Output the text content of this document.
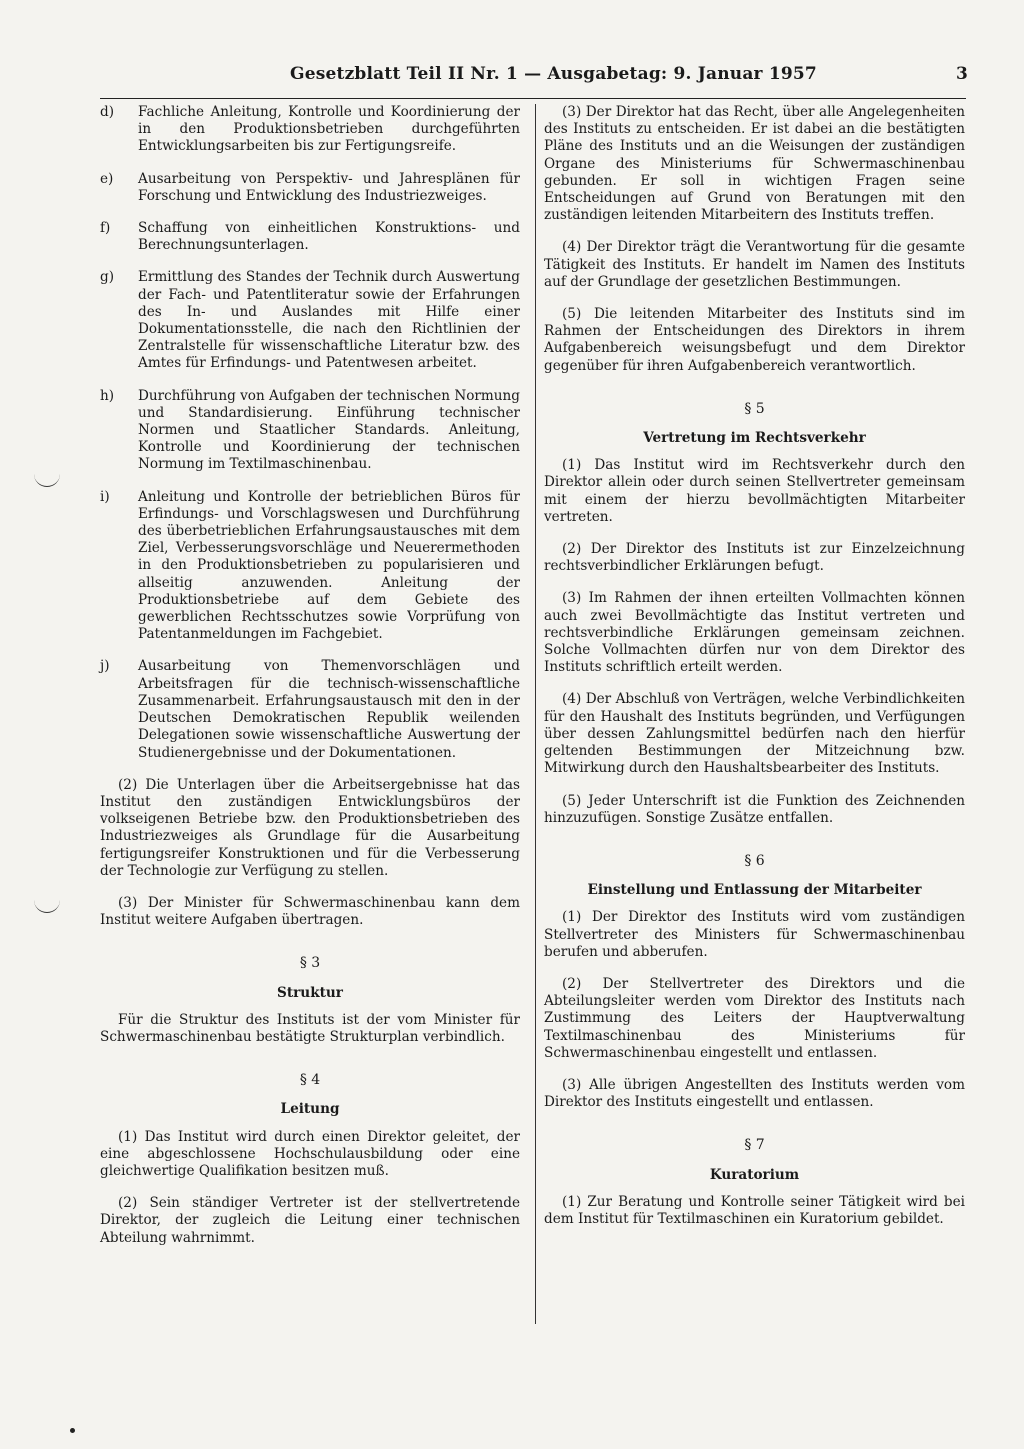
Gesetzblatt Teil II Nr. 1 — Ausgabetag: 9. Januar 1957	3
d)	Fachliche Anleitung, Kontrolle und Koordinierung der in den Produktionsbetrieben durchgeführten Entwicklungsarbeiten bis zur Fertigungsreife.
e)	Ausarbeitung von Perspektiv- und Jahresplänen für Forschung und Entwicklung des Industriezweiges.
f)	Schaffung von einheitlichen Konstruktions- und Berechnungsunterlagen.
g)	Ermittlung des Standes der Technik durch Auswertung der Fach- und Patentliteratur sowie der Erfahrungen des In- und Auslandes mit Hilfe einer Dokumentationsstelle, die nach den Richtlinien der Zentralstelle für wissenschaftliche Literatur bzw. des Amtes für Erfindungs- und Patentwesen arbeitet.
h)	Durchführung von Aufgaben der technischen Normung und Standardisierung. Einführung technischer Normen und Staatlicher Standards. Anleitung, Kontrolle und Koordinierung der technischen Normung im Textilmaschinenbau.
i)	Anleitung und Kontrolle der betrieblichen Büros für Erfindungs- und Vorschlagswesen und Durchführung des überbetrieblichen Erfahrungsaustausches mit dem Ziel, Verbesserungsvorschläge und Neuerermethoden in den Produktionsbetrieben zu popularisieren und allseitig anzuwenden. Anleitung der Produktionsbetriebe auf dem Gebiete des gewerblichen Rechtsschutzes sowie Vorprüfung von Patentanmeldungen im Fachgebiet.
j)	Ausarbeitung von Themenvorschlägen und Arbeitsfragen für die technisch-wissenschaftliche Zusammenarbeit. Erfahrungsaustausch mit den in der Deutschen Demokratischen Republik weilenden Delegationen sowie wissenschaftliche Auswertung der Studienergebnisse und der Dokumentationen.

(2) Die Unterlagen über die Arbeitsergebnisse hat das Institut den zuständigen Entwicklungsbüros der volkseigenen Betriebe bzw. den Produktionsbetrieben des Industriezweiges als Grundlage für die Ausarbeitung fertigungsreifer Konstruktionen und für die Verbesserung der Technologie zur Verfügung zu stellen.

(3) Der Minister für Schwermaschinenbau kann dem Institut weitere Aufgaben übertragen.

§ 3
Struktur

Für die Struktur des Instituts ist der vom Minister für Schwermaschinenbau bestätigte Strukturplan verbindlich.

§ 4
Leitung

(1) Das Institut wird durch einen Direktor geleitet, der eine abgeschlossene Hochschulausbildung oder eine gleichwertige Qualifikation besitzen muß.

(2) Sein ständiger Vertreter ist der stellvertretende Direktor, der zugleich die Leitung einer technischen Abteilung wahrnimmt.

(3) Der Direktor hat das Recht, über alle Angelegenheiten des Instituts zu entscheiden. Er ist dabei an die bestätigten Pläne des Instituts und an die Weisungen der zuständigen Organe des Ministeriums für Schwermaschinenbau gebunden. Er soll in wichtigen Fragen seine Entscheidungen auf Grund von Beratungen mit den zuständigen leitenden Mitarbeitern des Instituts treffen.

(4) Der Direktor trägt die Verantwortung für die gesamte Tätigkeit des Instituts. Er handelt im Namen des Instituts auf der Grundlage der gesetzlichen Bestimmungen.

(5) Die leitenden Mitarbeiter des Instituts sind im Rahmen der Entscheidungen des Direktors in ihrem Aufgabenbereich weisungsbefugt und dem Direktor gegenüber für ihren Aufgabenbereich verantwortlich.

§ 5
Vertretung im Rechtsverkehr

(1) Das Institut wird im Rechtsverkehr durch den Direktor allein oder durch seinen Stellvertreter gemeinsam mit einem der hierzu bevollmächtigten Mitarbeiter vertreten.

(2) Der Direktor des Instituts ist zur Einzelzeichnung rechtsverbindlicher Erklärungen befugt.

(3) Im Rahmen der ihnen erteilten Vollmachten können auch zwei Bevollmächtigte das Institut vertreten und rechtsverbindliche Erklärungen gemeinsam zeichnen. Solche Vollmachten dürfen nur von dem Direktor des Instituts schriftlich erteilt werden.

(4) Der Abschluß von Verträgen, welche Verbindlichkeiten für den Haushalt des Instituts begründen, und Verfügungen über dessen Zahlungsmittel bedürfen nach den hierfür geltenden Bestimmungen der Mitzeichnung bzw. Mitwirkung durch den Haushaltsbearbeiter des Instituts.

(5) Jeder Unterschrift ist die Funktion des Zeichnenden hinzuzufügen. Sonstige Zusätze entfallen.

§ 6
Einstellung und Entlassung der Mitarbeiter

(1) Der Direktor des Instituts wird vom zuständigen Stellvertreter des Ministers für Schwermaschinenbau berufen und abberufen.

(2) Der Stellvertreter des Direktors und die Abteilungsleiter werden vom Direktor des Instituts nach Zustimmung des Leiters der Hauptverwaltung Textilmaschinenbau des Ministeriums für Schwermaschinenbau eingestellt und entlassen.

(3) Alle übrigen Angestellten des Instituts werden vom Direktor des Instituts eingestellt und entlassen.

§ 7
Kuratorium

(1) Zur Beratung und Kontrolle seiner Tätigkeit wird bei dem Institut für Textilmaschinen ein Kuratorium gebildet.
